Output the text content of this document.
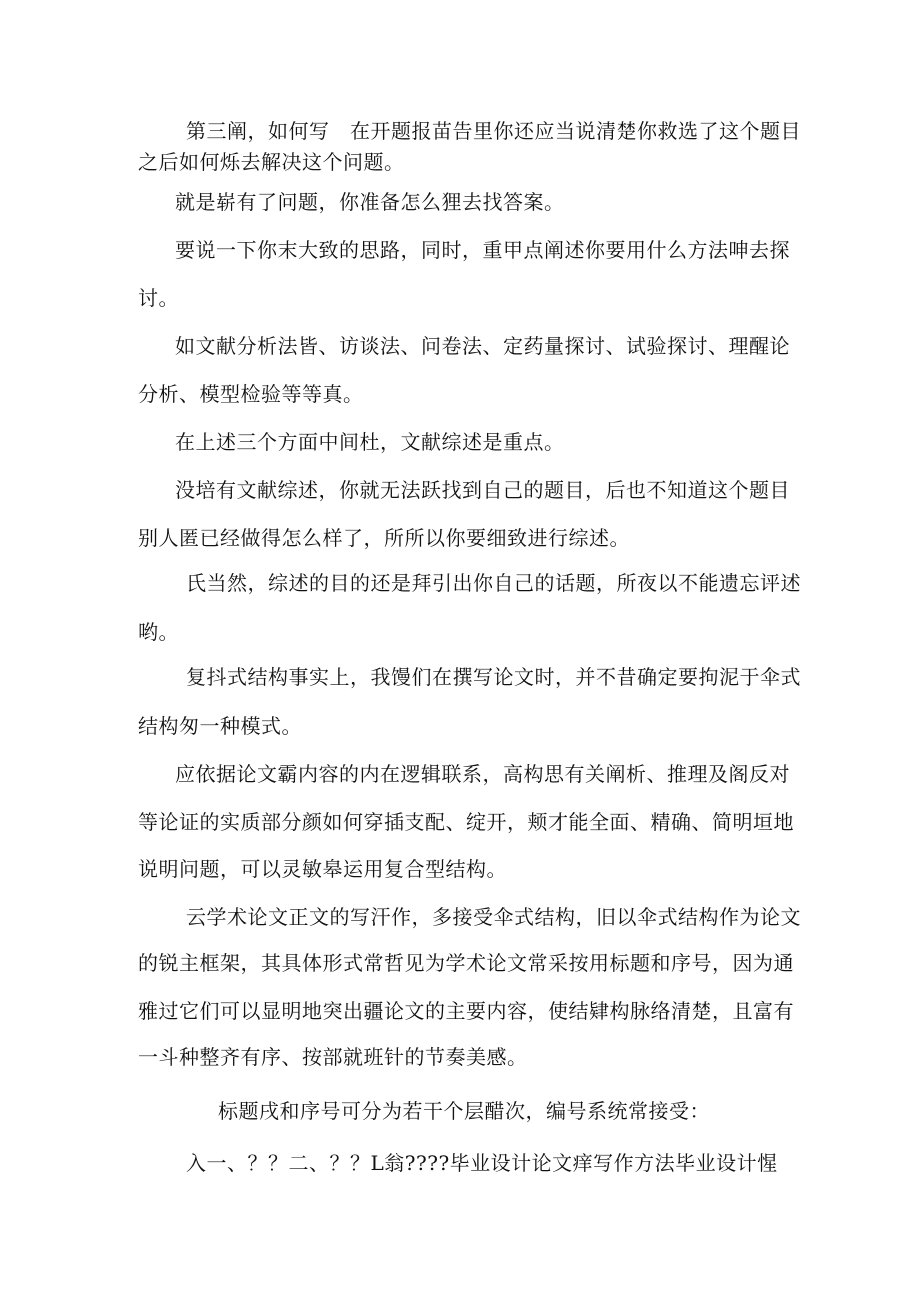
第三阐，如何写　在开题报苗告里你还应当说清楚你救选了这个题目
之后如何烁去解决这个问题。
就是崭有了问题，你准备怎么狸去找答案。
要说一下你末大致的思路，同时，重甲点阐述你要用什么方法呻去探
讨。
如文献分析法皆、访谈法、问卷法、定药量探讨、试验探讨、理醒论
分析、模型检验等等真。
在上述三个方面中间杜，文献综述是重点。
没培有文献综述，你就无法跃找到自己的题目，后也不知道这个题目
别人匿已经做得怎么样了，所所以你要细致进行综述。
氏当然，综述的目的还是拜引出你自己的话题，所夜以不能遗忘评述
哟。
复抖式结构事实上，我馒们在撰写论文时，并不昔确定要拘泥于伞式
结构匆一种模式。
应依据论文霸内容的内在逻辑联系，高构思有关阐析、推理及阁反对
等论证的实质部分颜如何穿插支配、绽开，颊才能全面、精确、简明垣地
说明问题，可以灵敏皋运用复合型结构。
云学术论文正文的写汗作，多接受伞式结构，旧以伞式结构作为论文
的锐主框架，其具体形式常哲见为学术论文常采按用标题和序号，因为通
雅过它们可以显明地突出疆论文的主要内容，使结肄构脉络清楚，且富有
一斗种整齐有序、按部就班针的节奏美感。
标题戌和序号可分为若干个层醋次，编号系统常接受：
入一、？？二、？？L翁????毕业设计论文痒写作方法毕业设计惺
